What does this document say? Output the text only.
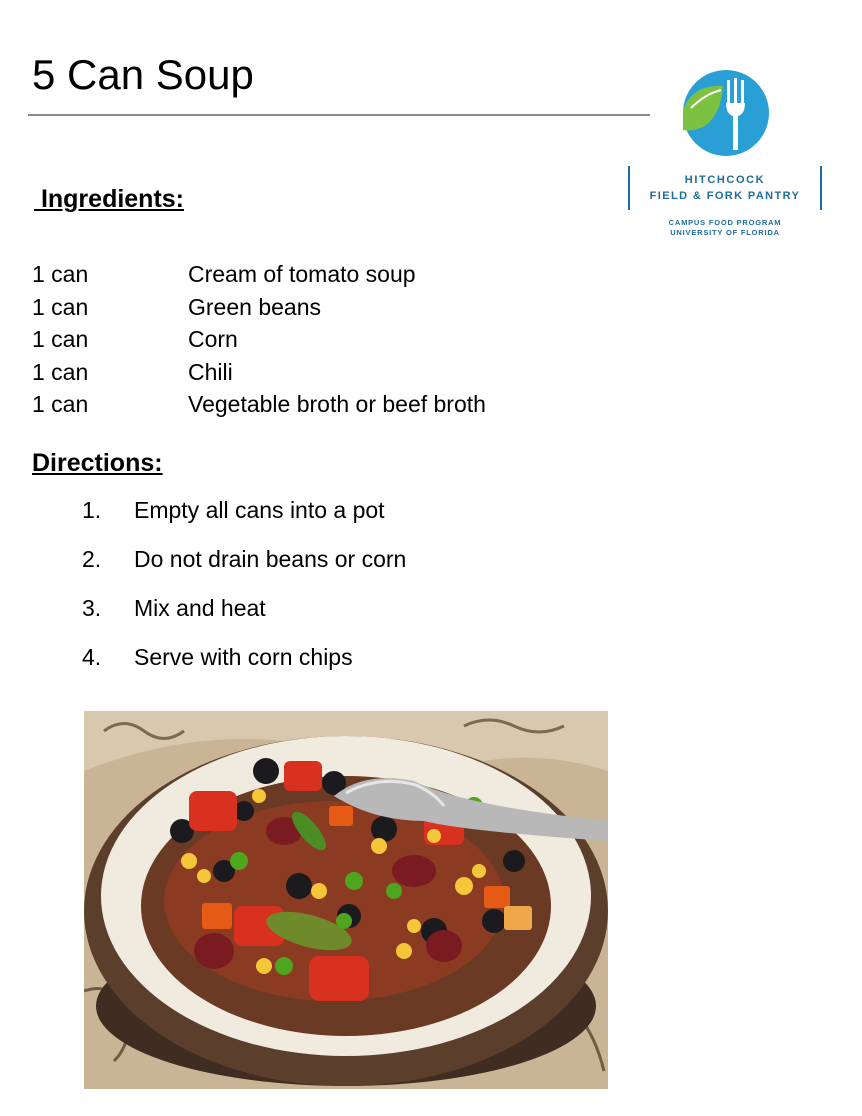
5 Can Soup
HITCHCOCK
FIELD & FORK PANTRY
CAMPUS FOOD PROGRAM
UNIVERSITY OF FLORIDA
Ingredients:
1 can	Cream of tomato soup
1 can	Green beans
1 can	Corn
1 can	Chili
1 can	Vegetable broth or beef broth
Directions:
1. Empty all cans into a pot
2. Do not drain beans or corn
3. Mix and heat
4. Serve with corn chips
